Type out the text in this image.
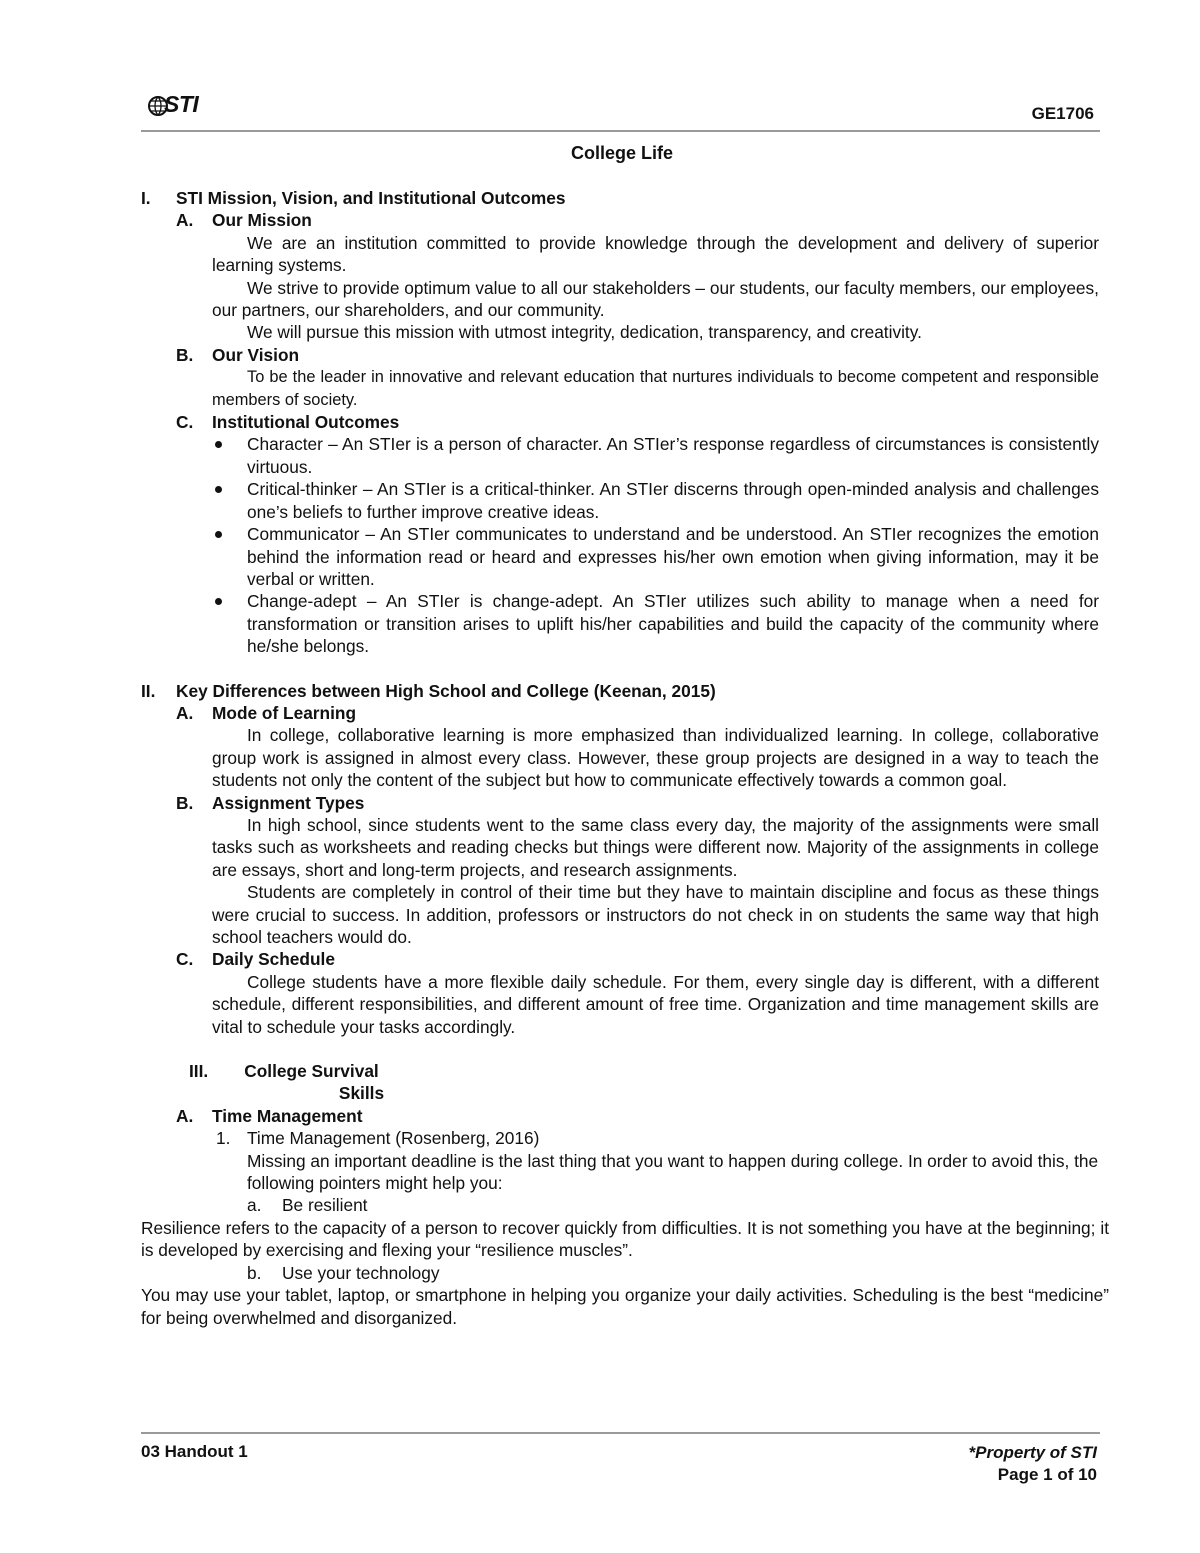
STI	GE1706
College Life

I.	STI Mission, Vision, and Institutional Outcomes

A.	Our Mission

We are an institution committed to provide knowledge through the development and delivery of superior learning systems.

We strive to provide optimum value to all our stakeholders – our students, our faculty members, our employees, our partners, our shareholders, and our community.

We will pursue this mission with utmost integrity, dedication, transparency, and creativity.

B.	Our Vision

To be the leader in innovative and relevant education that nurtures individuals to become competent and responsible members of society.

C.	Institutional Outcomes

Character – An STIer is a person of character. An STIer’s response regardless of circumstances is consistently virtuous.
Critical-thinker – An STIer is a critical-thinker. An STIer discerns through open-minded analysis and challenges one’s beliefs to further improve creative ideas.
Communicator – An STIer communicates to understand and be understood. An STIer recognizes the emotion behind the information read or heard and expresses his/her own emotion when giving information, may it be verbal or written.
Change-adept – An STIer is change-adept. An STIer utilizes such ability to manage when a need for transformation or transition arises to uplift his/her capabilities and build the capacity of the community where he/she belongs.

II.	Key Differences between High School and College (Keenan, 2015)

A.	Mode of Learning

In college, collaborative learning is more emphasized than individualized learning. In college, collaborative group work is assigned in almost every class. However, these group projects are designed in a way to teach the students not only the content of the subject but how to communicate effectively towards a common goal.

B.	Assignment Types

In high school, since students went to the same class every day, the majority of the assignments were small tasks such as worksheets and reading checks but things were different now. Majority of the assignments in college are essays, short and long-term projects, and research assignments.

Students are completely in control of their time but they have to maintain discipline and focus as these things were crucial to success. In addition, professors or instructors do not check in on students the same way that high school teachers would do.

C.	Daily Schedule

College students have a more flexible daily schedule. For them, every single day is different, with a different schedule, different responsibilities, and different amount of free time. Organization and time management skills are vital to schedule your tasks accordingly.

III.	College Survival
Skills

A.	Time Management

1. Time Management (Rosenberg, 2016)

Missing an important deadline is the last thing that you want to happen during college. In order to avoid this, the following pointers might help you:

a.	Be resilient

Resilience refers to the capacity of a person to recover quickly from difficulties. It is not something you have at the beginning; it is developed by exercising and flexing your “resilience muscles”.

b.	Use your technology

You may use your tablet, laptop, or smartphone in helping you organize your daily activities. Scheduling is the best “medicine” for being overwhelmed and disorganized.

03 Handout 1	*Property of STI
Page 1 of 10
